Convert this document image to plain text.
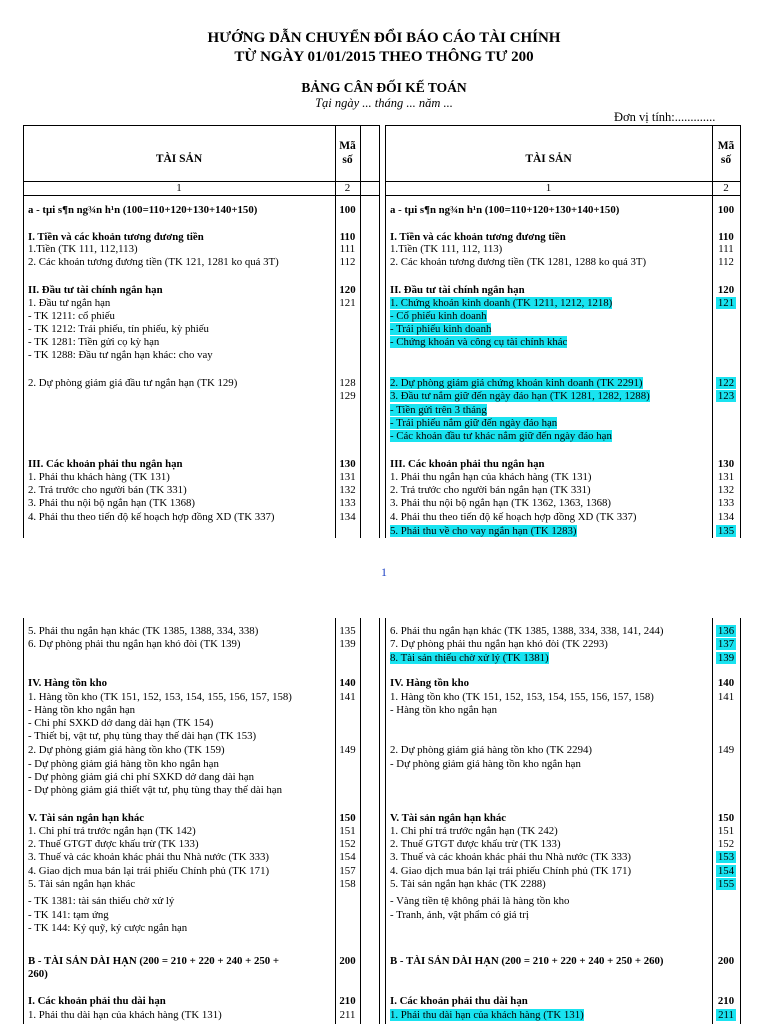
HƯỚNG DẪN CHUYỂN ĐỔI BÁO CÁO TÀI CHÍNH
TỪ NGÀY 01/01/2015 THEO THÔNG TƯ 200
BẢNG CÂN ĐỐI KẾ TOÁN
Tại ngày ... tháng ... năm ...
Đơn vị tính:.............
TÀI SẢN	TÀI SẢN
Mã
số
Mã
số
1	2	1	2
a - tµi s¶n ng¾n h¹n (100=110+120+130+140+150)	100
I. Tiền và các khoản tương đương tiền	110
1.Tiền (TK 111, 112,113)	111
2. Các khoản tương đương tiền (TK 121, 1281 ko quá 3T)	112
II. Đầu tư tài chính ngắn hạn	120
1. Đầu tư ngắn hạn	121
- TK 1211: cổ phiếu
- TK 1212: Trái phiếu, tín phiếu, kỳ phiếu
- TK 1281: Tiền gửi cọ kỳ hạn
- TK 1288: Đầu tư ngắn hạn khác: cho vay
2. Dự phòng giảm giá đầu tư ngắn hạn (TK 129)	128
129
III. Các khoản phải thu ngắn hạn	130
1. Phải thu khách hàng (TK 131)	131
2. Trả trước cho người bán (TK 331)	132
3. Phải thu nội bộ ngắn hạn (TK 1368)	133
4. Phải thu theo tiến độ kế hoạch hợp đồng XD (TK 337)	134
a - tµi s¶n ng¾n h¹n (100=110+120+130+140+150)	100
I. Tiền và các khoản tương đương tiền	110
1.Tiền (TK 111, 112, 113)	111
2. Các khoản tương đương tiền (TK 1281, 1288 ko quá 3T)	112
II. Đầu tư tài chính ngắn hạn	120
1. Chứng khoán kinh doanh (TK 1211, 1212, 1218)	121
- Cổ phiếu kinh doanh
- Trái phiếu kinh doanh
- Chứng khoán và công cụ tài chính khác
2. Dự phòng giảm giá chứng khoán kinh doanh (TK 2291)	122
3. Đầu tư nắm giữ đến ngày đáo hạn (TK 1281, 1282, 1288)	123
- Tiền gửi trên 3 tháng
- Trái phiếu nắm giữ đến ngày đáo hạn
- Các khoản đầu tư khác nắm giữ đến ngày đáo hạn
III. Các khoản phải thu ngắn hạn	130
1. Phải thu ngắn hạn của khách hàng (TK 131)	131
2. Trả trước cho người bán ngắn hạn (TK 331)	132
3. Phải thu nội bộ ngắn hạn (TK 1362, 1363, 1368)	133
4. Phải thu theo tiến độ kế hoạch hợp đồng XD (TK 337)	134
5. Phải thu về cho vay ngắn hạn (TK 1283)	135
1
5. Phải thu ngắn hạn khác (TK 1385, 1388, 334, 338)	135
6. Dự phòng phải thu ngắn hạn khó đòi (TK 139)	139
IV. Hàng tồn kho	140
1. Hàng tồn kho (TK 151, 152, 153, 154, 155, 156, 157, 158)	141
- Hàng tồn kho ngắn hạn
- Chi phí SXKD dở dang dài hạn (TK 154)
- Thiết bị, vật tư, phụ tùng thay thế dài hạn (TK 153)
2. Dự phòng giảm giá hàng tồn kho (TK 159)	149
- Dự phòng giảm giá hàng tồn kho ngắn hạn
- Dự phòng giảm giá chi phí SXKD dở dang dài hạn
- Dự phòng giảm giá thiết vật tư, phụ tùng thay thế dài hạn
V. Tài sản ngắn hạn khác	150
1. Chi phí trả trước ngắn hạn (TK 142)	151
2. Thuế GTGT được khấu trừ (TK 133)	152
3. Thuế và các khoản khác phải thu Nhà nước (TK 333)	154
4. Giao dịch mua bán lại trái phiếu Chính phủ (TK 171)	157
5. Tài sản ngắn hạn khác	158
- TK 1381: tài sản thiếu chờ xử lý
- TK 141: tạm ứng
- TK 144: Ký quỹ, ký cược ngắn hạn
B - TÀI SẢN DÀI HẠN (200 = 210 + 220 + 240 + 250 +	200
260)
I. Các khoản phải thu dài hạn	210
1. Phải thu dài hạn của khách hàng (TK 131)	211
6. Phải thu ngắn hạn khác (TK 1385, 1388, 334, 338, 141, 244)	136
7. Dự phòng phải thu ngắn hạn khó đòi (TK 2293)	137
8. Tài sản thiếu chờ xử lý (TK 1381)	139
IV. Hàng tồn kho	140
1. Hàng tồn kho (TK 151, 152, 153, 154, 155, 156, 157, 158)	141
- Hàng tồn kho ngắn hạn
2. Dự phòng giảm giá hàng tồn kho (TK 2294)	149
- Dự phòng giảm giá hàng tồn kho ngắn hạn
V. Tài sản ngắn hạn khác	150
1. Chi phí trả trước ngắn hạn (TK 242)	151
2. Thuế GTGT được khấu trừ (TK 133)	152
3. Thuế và các khoản khác phải thu Nhà nước (TK 333)	153
4. Giao dịch mua bán lại trái phiếu Chính phủ (TK 171)	154
5. Tài sản ngắn hạn khác (TK 2288)	155
- Vàng tiền tệ không phải là hàng tồn kho
- Tranh, ảnh, vật phẩm có giá trị
B - TÀI SẢN DÀI HẠN (200 = 210 + 220 + 240 + 250 + 260)	200
I. Các khoản phải thu dài hạn	210
1. Phải thu dài hạn của khách hàng (TK 131)	211
